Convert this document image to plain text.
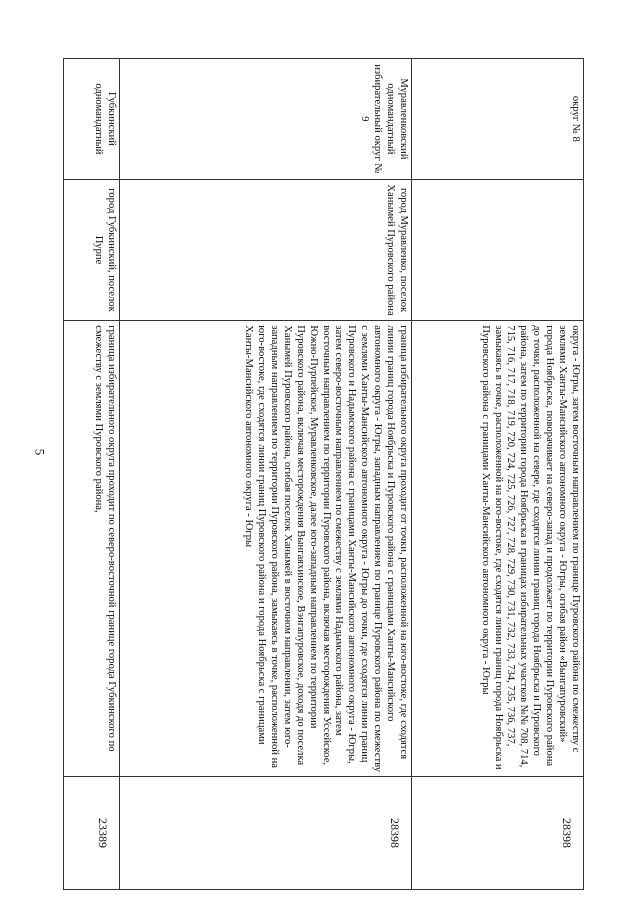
5
округ № 8		округа - Югры, затем восточным направлением по границе Пуровского района по смежеству с землями Ханты-Мансийского автономного округа - Югры, огибая район «Вынгапуровский» города Ноябрьска, поворачивает на северо-запад и продолжает по территории Пуровского района до точки, расположенной на севере, где сходятся линии границ города Ноябрьска и Пуровского района, затем по территории города Ноябрьска в границах избирательных участков №№ 708, 714, 715, 716, 717, 718, 719, 720, 724, 725, 726, 727, 728, 729, 730, 731, 732, 733, 734, 735, 736, 737, замыкаясь в точке, расположенной на юго-востоке, где сходятся линии границ города Ноябрьска и Пуровского района с границами Ханты-Мансийского автономного округа - Югры	28398
Муравленковский одномандатный избирательный округ № 9	город Муравленко, поселок Ханымей Пуровского района	граница избирательного округа проходит от точки, расположенной на юго-востоке, где сходятся линии границ города Ноябрьска и Пуровского района с границами Ханты-Мансийского автономного округа - Югры, западным направлением по границе Пуровского района по смежеству с землями Ханты-Мансийского автономного округа - Югры до точки, где сходятся линии границ Пуровского и Надымского района с границами Ханты-Мансийского автономного округа - Югры, затем северо-восточным направлением по смежеству с землями Надымского района, затем восточным направлением по территории Пуровского района, включая месторождения Уссейское, Южно-Пурпейское, Муравленковское, далее юго-западным направлением по территории Пуровского района, включая месторождения Вынгаяхинское, Вэнгапуровское, доходя до поселка Ханымей Пуровского района, огибая поселок Ханымей в восточном направлении, затем юго-западным направлением по территории Пуровского района, замыкаясь в точке, расположенной на юго-востоке, где сходятся линии границ Пуровского района и города Ноябрьска с границами Ханты-Мансийского автономного округа - Югры	28398
Губкинский одномандатный	город Губкинский, поселок Пурпе	граница избирательного округа проходит по северо-восточной границе города Губкинского по смежеству с землями Пуровского района,	23389
